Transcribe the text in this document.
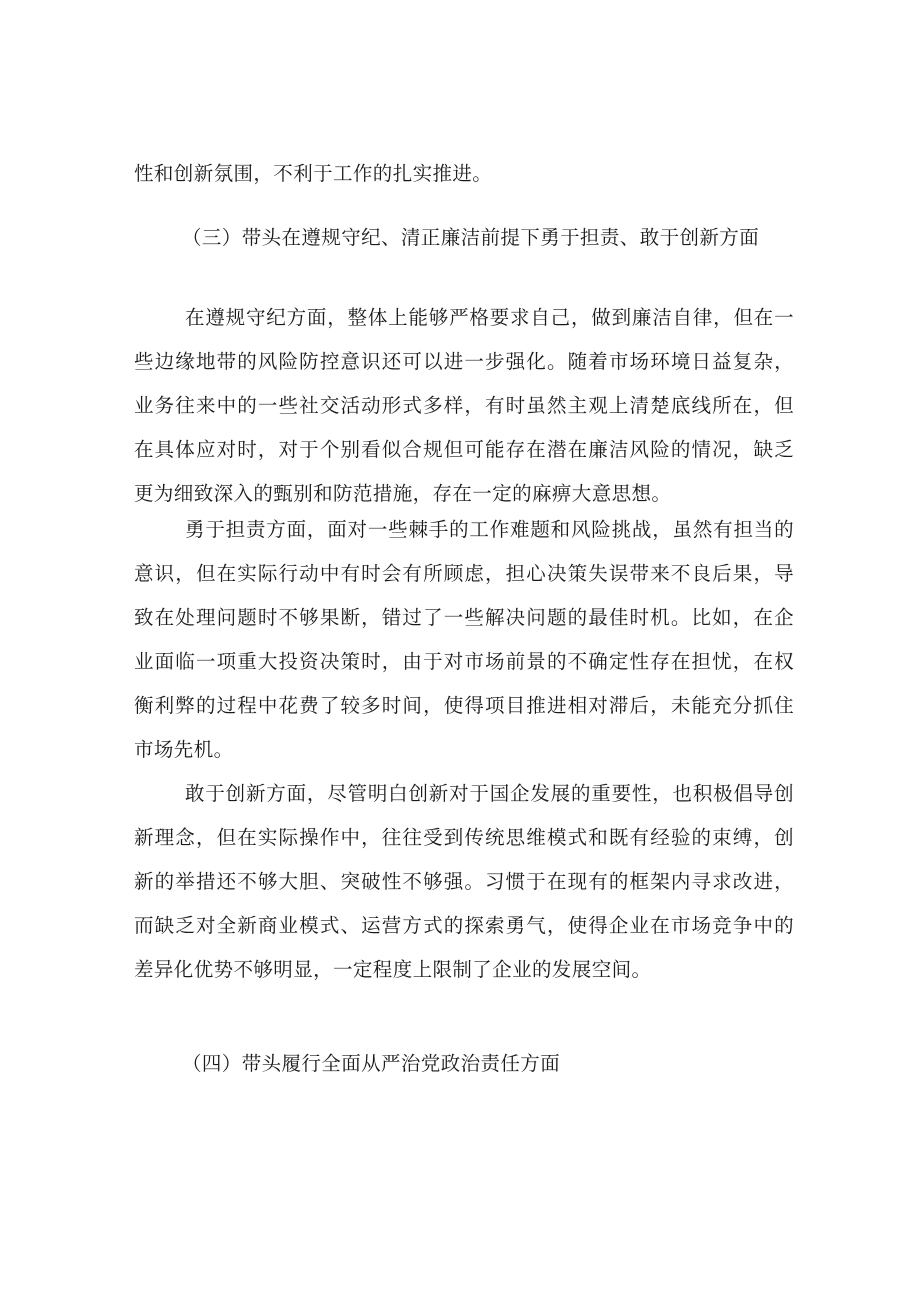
性和创新氛围，不利于工作的扎实推进。
（三）带头在遵规守纪、清正廉洁前提下勇于担责、敢于创新方面
在遵规守纪方面，整体上能够严格要求自己，做到廉洁自律，但在一
些边缘地带的风险防控意识还可以进一步强化。随着市场环境日益复杂，
业务往来中的一些社交活动形式多样，有时虽然主观上清楚底线所在，但
在具体应对时，对于个别看似合规但可能存在潜在廉洁风险的情况，缺乏
更为细致深入的甄别和防范措施，存在一定的麻痹大意思想。
勇于担责方面，面对一些棘手的工作难题和风险挑战，虽然有担当的
意识，但在实际行动中有时会有所顾虑，担心决策失误带来不良后果，导
致在处理问题时不够果断，错过了一些解决问题的最佳时机。比如，在企
业面临一项重大投资决策时，由于对市场前景的不确定性存在担忧，在权
衡利弊的过程中花费了较多时间，使得项目推进相对滞后，未能充分抓住
市场先机。
敢于创新方面，尽管明白创新对于国企发展的重要性，也积极倡导创
新理念，但在实际操作中，往往受到传统思维模式和既有经验的束缚，创
新的举措还不够大胆、突破性不够强。习惯于在现有的框架内寻求改进，
而缺乏对全新商业模式、运营方式的探索勇气，使得企业在市场竞争中的
差异化优势不够明显，一定程度上限制了企业的发展空间。
（四）带头履行全面从严治党政治责任方面
